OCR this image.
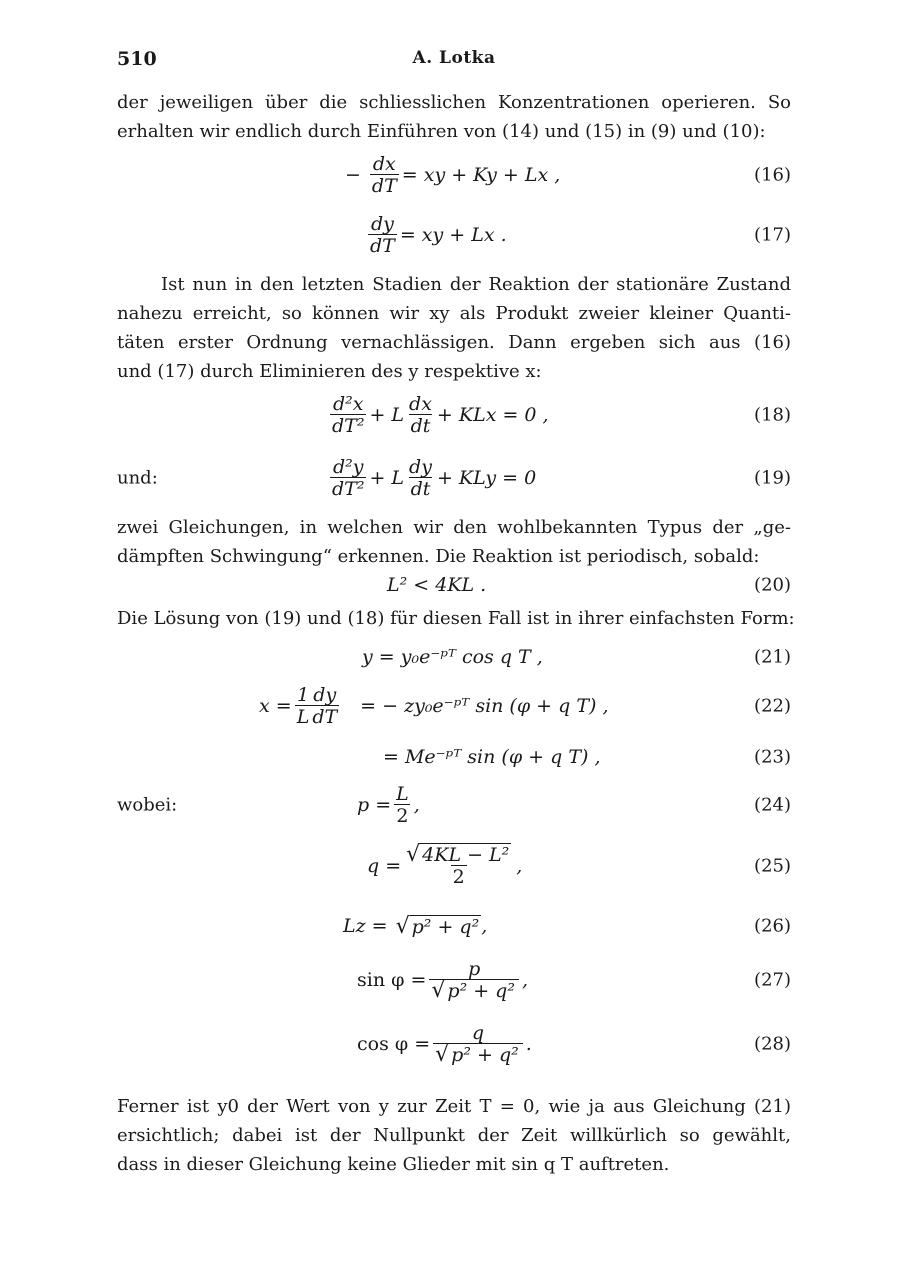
510	A. Lotka
der jeweiligen über die schliesslichen Konzentrationen operieren. So
erhalten wir endlich durch Einführen von (14) und (15) in (9) und (10):
− $\frac{dx}{dT}$ = xy + Ky + Lx ,	(16)
$\frac{dy}{dT}$ = xy + Lx .	(17)
Ist nun in den letzten Stadien der Reaktion der stationäre Zustand
nahezu erreicht, so können wir xy als Produkt zweier kleiner Quanti-
täten erster Ordnung vernachlässigen. Dann ergeben sich aus (16)
und (17) durch Eliminieren des y respektive x:
$\frac{\text{d²x}}{\text{dT²}} + L \frac{dx}{dt}$ + KLx = 0 ,	(18)
und:	$\frac{\text{d²y}}{\text{dT²}} + L \frac{dy}{dt}$ + KLy = 0	(19)
zwei Gleichungen, in welchen wir den wohlbekannten Typus der „ge-
dämpften Schwingung“ erkennen. Die Reaktion ist periodisch, sobald:
L² < 4KL .	(20)
Die Lösung von (19) und (18) für diesen Fall ist in ihrer einfachsten Form:
y = y₀e⁻ᵖᵀ cos q T ,	(21)
$x = \frac{1}{L} \frac{dy}{dT}$ = − zy₀e⁻ᵖᵀ sin (φ + q T) ,	(22)
= Me⁻ᵖᵀ sin (φ + q T) ,	(23)
wobei:	$p = \frac{L}{2}$ ,	(24)
$q = \frac{\text{√ 4KL − L²}}{2}$ ,	(25)
Lz = √ p² + q² ,	(26)
$\sin \varphi = \frac{p}{\text{√ p² + q²}}$ ,	(27)
$\cos \varphi = \frac{q}{\text{√ p² + q²}}$ .	(28)
Ferner ist y0 der Wert von y zur Zeit T = 0, wie ja aus Gleichung (21)
ersichtlich; dabei ist der Nullpunkt der Zeit willkürlich so gewählt,
dass in dieser Gleichung keine Glieder mit sin q T auftreten.
